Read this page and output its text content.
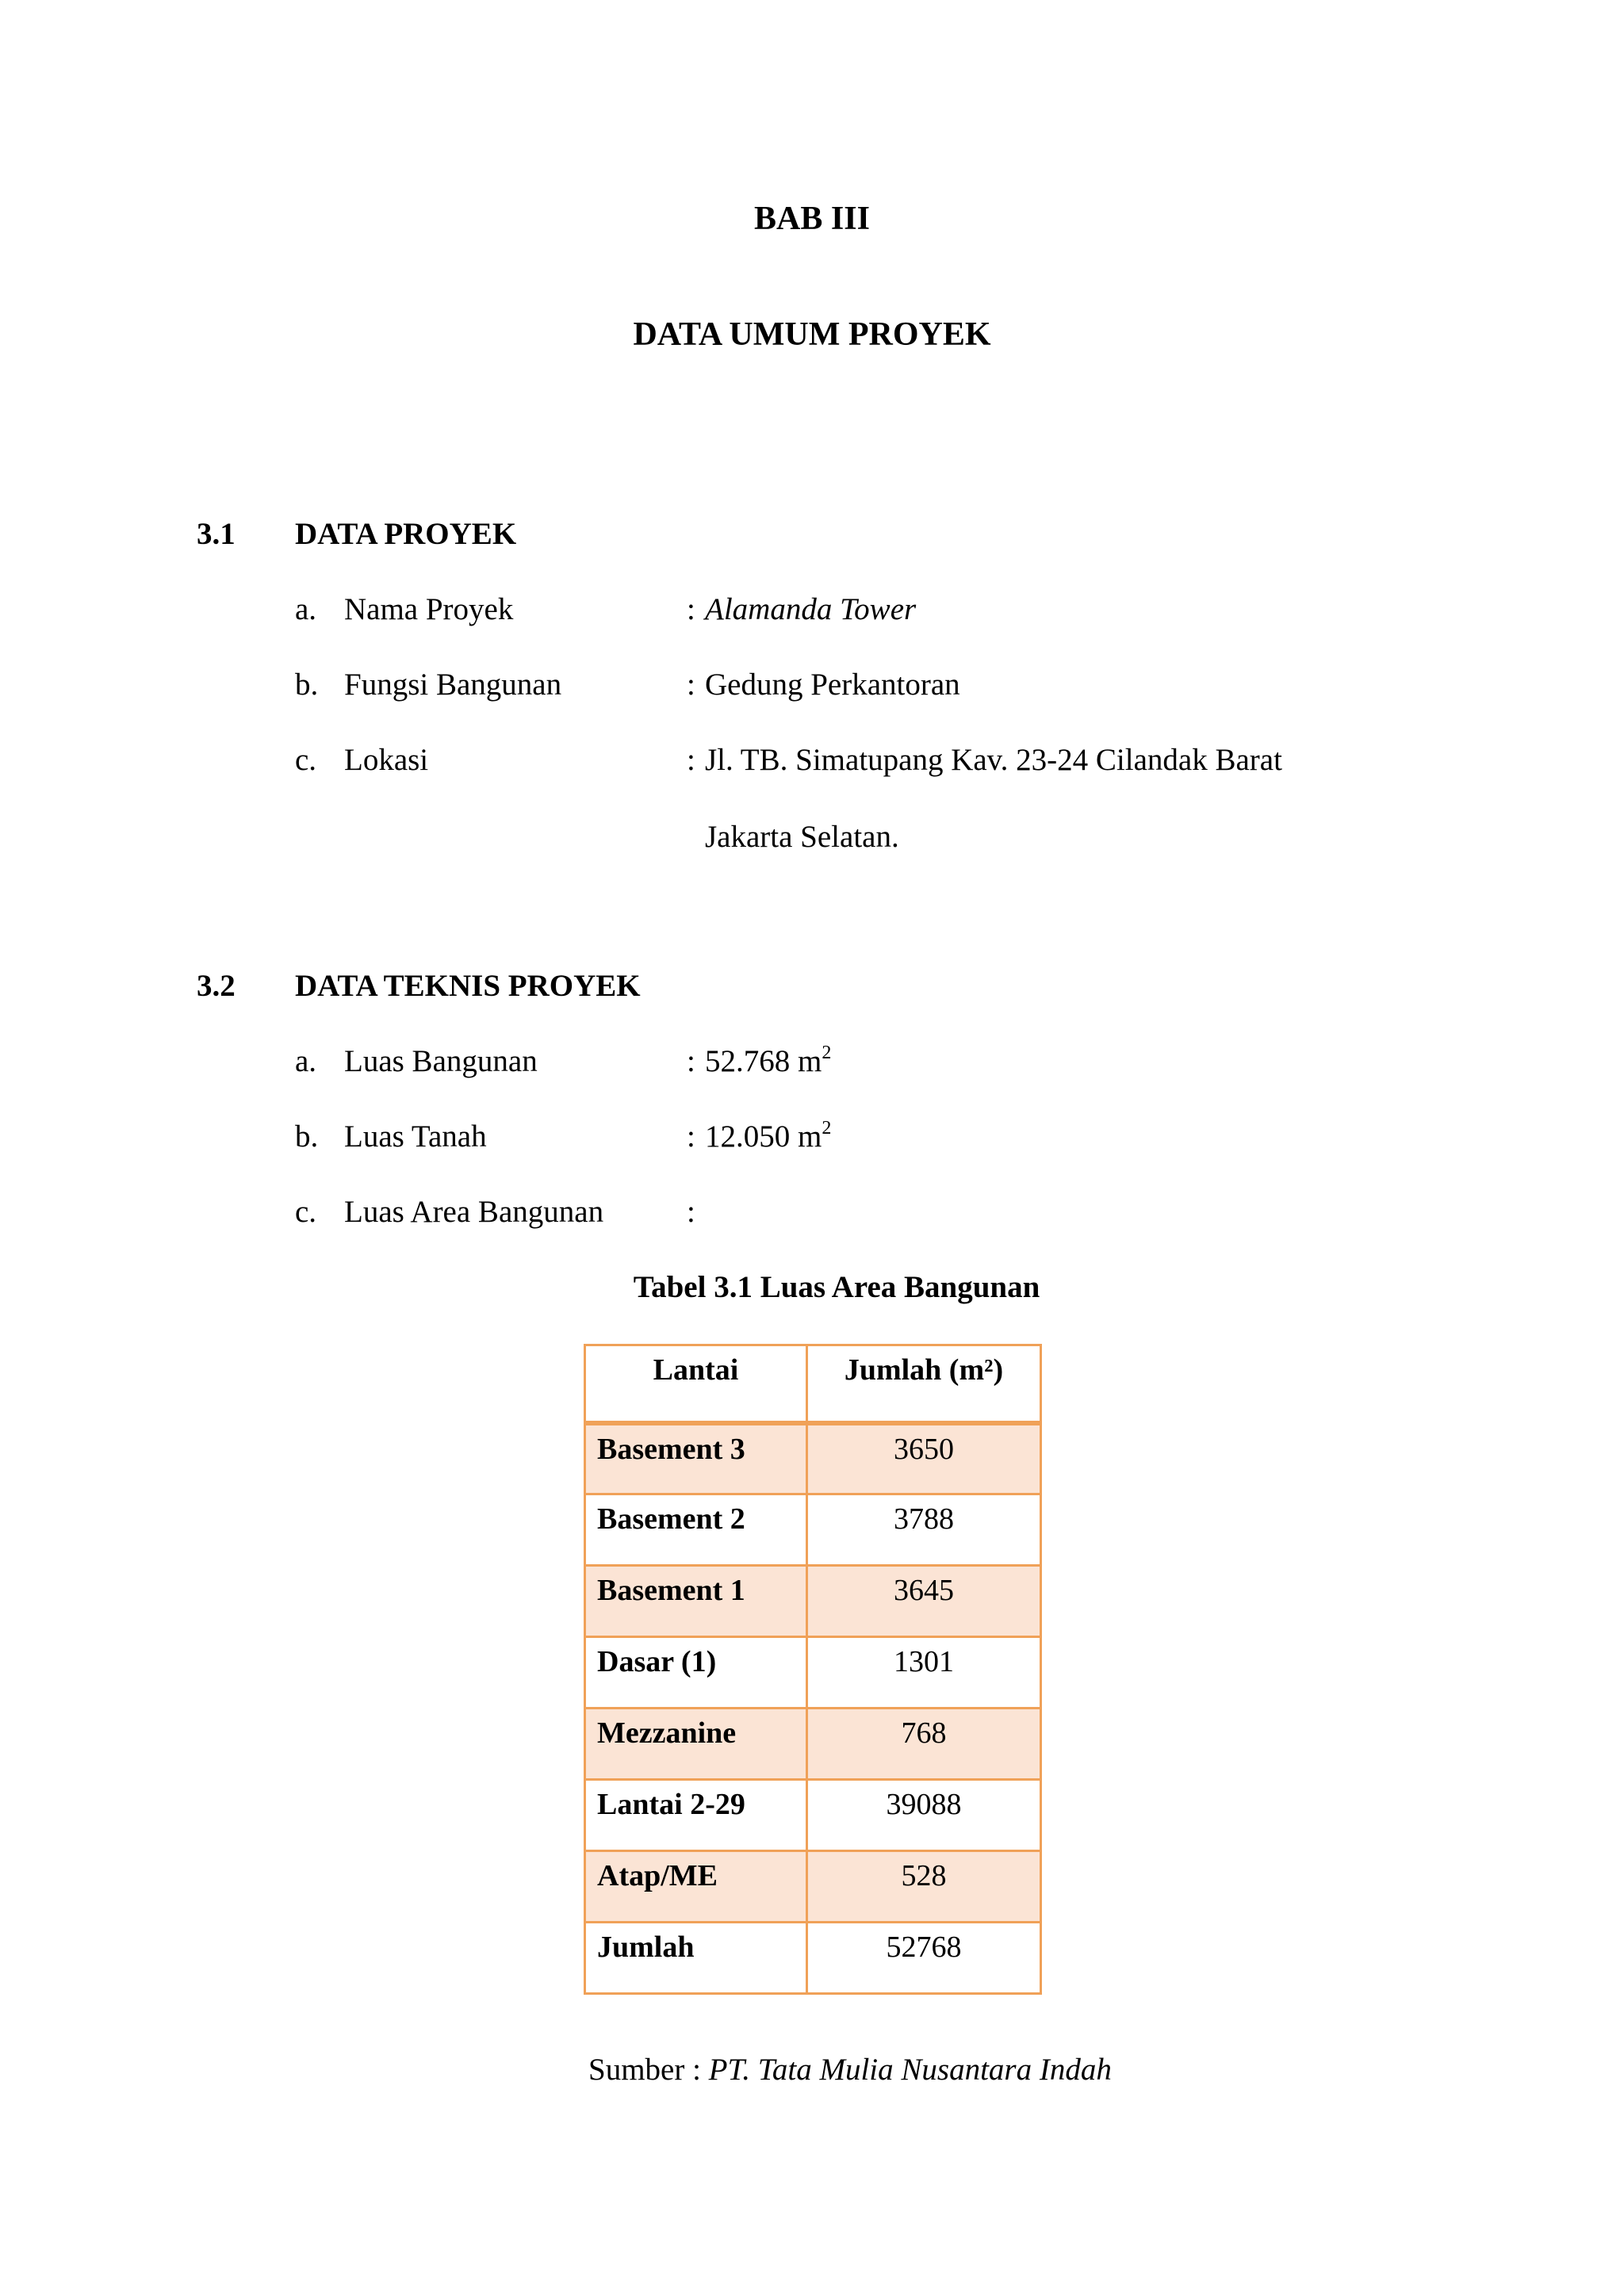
BAB III
DATA UMUM PROYEK
3.1 DATA PROYEK
a. Nama Proyek	: Alamanda Tower
b. Fungsi Bangunan	: Gedung Perkantoran
c. Lokasi	: Jl. TB. Simatupang Kav. 23-24 Cilandak Barat
Jakarta Selatan.
3.2 DATA TEKNIS PROYEK
a. Luas Bangunan	: 52.768 $m^2$
b. Luas Tanah	: 12.050 $m^2$
c. Luas Area Bangunan	:
Tabel 3.1 Luas Area Bangunan
Lantai	Jumlah (m²)
Basement 3	3650
Basement 2	3788
Basement 1	3645
Dasar (1)	1301
Mezzanine	768
Lantai 2-29	39088
Atap/ME	528
Jumlah	52768
Sumber : PT. Tata Mulia Nusantara Indah
